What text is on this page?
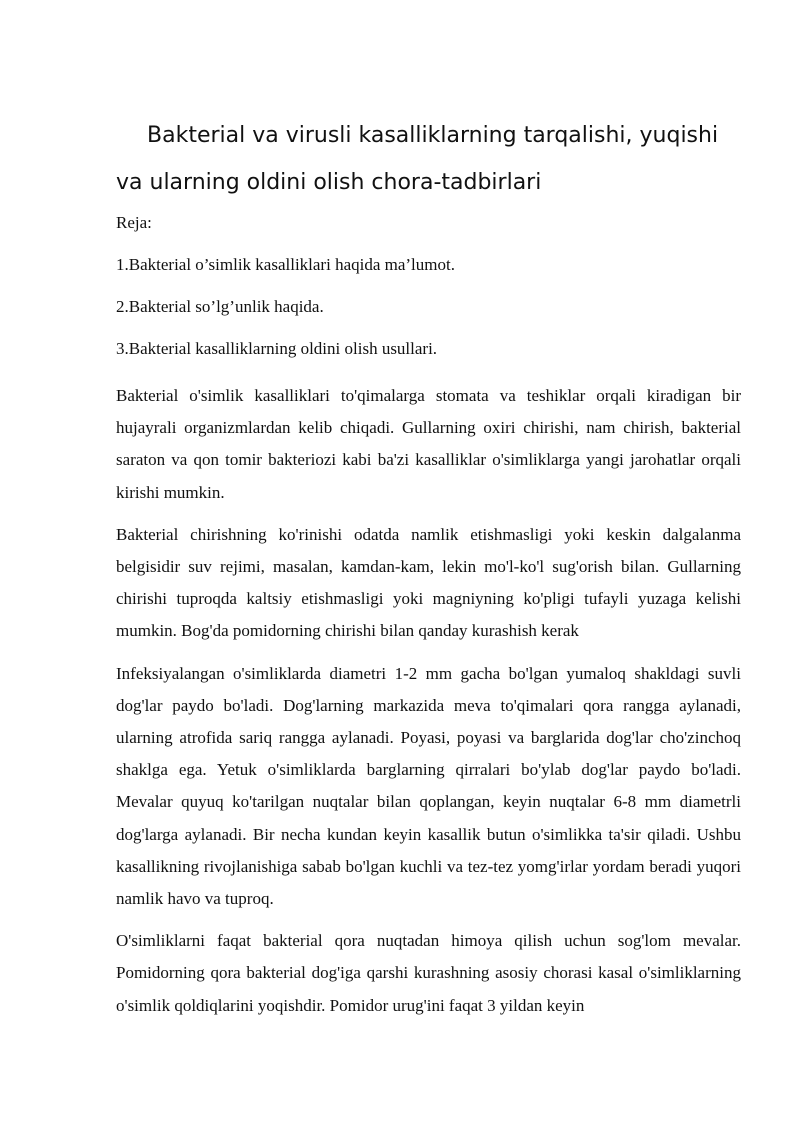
Bakterial va virusli kasalliklarning tarqalishi, yuqishi va ularning oldini olish chora-tadbirlari

Reja:

1.Bakterial o’simlik kasalliklari haqida ma’lumot.

2.Bakterial so’lg’unlik haqida.

3.Bakterial kasalliklarning oldini olish usullari.

Bakterial o'simlik kasalliklari to'qimalarga stomata va teshiklar orqali kiradigan bir hujayrali organizmlardan kelib chiqadi. Gullarning oxiri chirishi, nam chirish, bakterial saraton va qon tomir bakteriozi kabi ba'zi kasalliklar o'simliklarga yangi jarohatlar orqali kirishi mumkin.

Bakterial chirishning ko'rinishi odatda namlik etishmasligi yoki keskin dalgalanma belgisidir suv rejimi, masalan, kamdan-kam, lekin mo'l-ko'l sug'orish bilan. Gullarning chirishi tuproqda kaltsiy etishmasligi yoki magniyning ko'pligi tufayli yuzaga kelishi mumkin. Bog'da pomidorning chirishi bilan qanday kurashish kerak

Infeksiyalangan o'simliklarda diametri 1-2 mm gacha bo'lgan yumaloq shakldagi suvli dog'lar paydo bo'ladi. Dog'larning markazida meva to'qimalari qora rangga aylanadi, ularning atrofida sariq rangga aylanadi. Poyasi, poyasi va barglarida dog'lar cho'zinchoq shaklga ega. Yetuk o'simliklarda barglarning qirralari bo'ylab dog'lar paydo bo'ladi. Mevalar quyuq ko'tarilgan nuqtalar bilan qoplangan, keyin nuqtalar 6-8 mm diametrli dog'larga aylanadi. Bir necha kundan keyin kasallik butun o'simlikka ta'sir qiladi. Ushbu kasallikning rivojlanishiga sabab bo'lgan kuchli va tez-tez yomg'irlar yordam beradi yuqori namlik havo va tuproq.

O'simliklarni faqat bakterial qora nuqtadan himoya qilish uchun sog'lom mevalar. Pomidorning qora bakterial dog'iga qarshi kurashning asosiy chorasi kasal o'simliklarning o'simlik qoldiqlarini yoqishdir. Pomidor urug'ini faqat 3 yildan keyin
